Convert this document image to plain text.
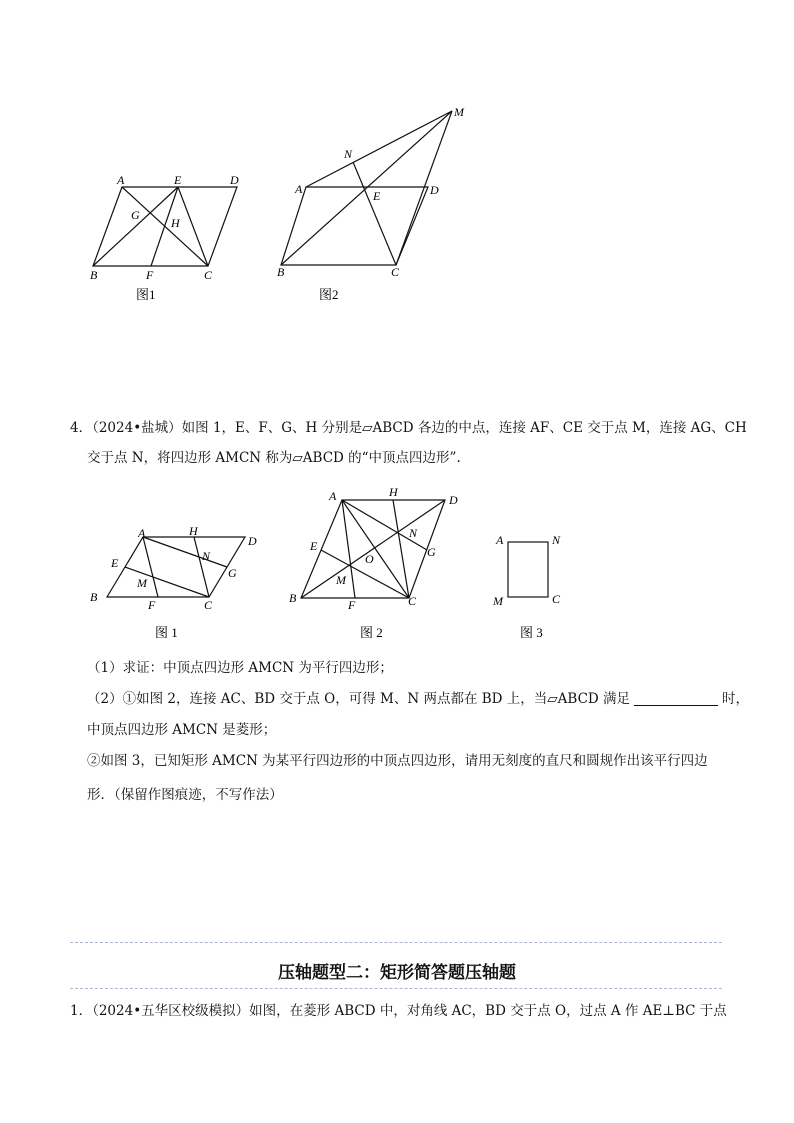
A	E	D
G
H
B	F	C
图1
M
N
A	E	D
B	C
图2
4．（2024•盐城）如图 1，E、F、G、H 分别是▱ABCD 各边的中点，连接 AF、CE 交于点 M，连接 AG、CH
交于点 N，将四边形 AMCN 称为▱ABCD 的“中顶点四边形”.
A	H
D
E	N
G
M
B
F	C
图 1
A	H
D
E
N
O	G
M
B	F	C
图 2
A	N
M	C
图 3
（1）求证：中顶点四边形 AMCN 为平行四边形；
（2）①如图 2，连接 AC、BD 交于点 O，可得 M、N 两点都在 BD 上，当▱ABCD 满足	时，
中顶点四边形 AMCN 是菱形；
②如图 3，已知矩形 AMCN 为某平行四边形的中顶点四边形，请用无刻度的直尺和圆规作出该平行四边
形．（保留作图痕迹，不写作法）
压轴题型二：矩形简答题压轴题
1．（2024•五华区校级模拟）如图，在菱形 ABCD 中，对角线 AC，BD 交于点 O，过点 A 作 AE⊥BC 于点
